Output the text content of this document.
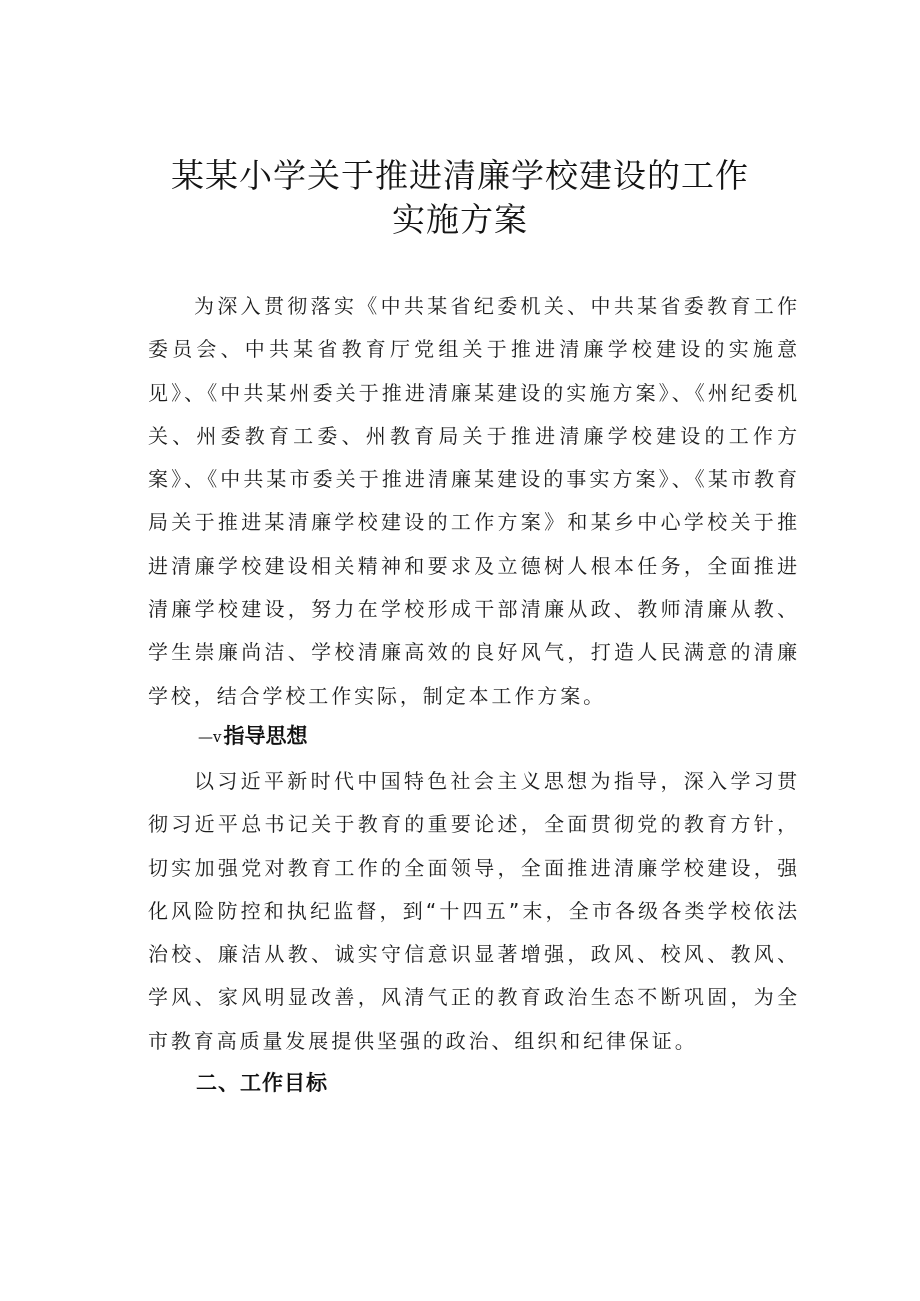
某某小学关于推进清廉学校建设的工作
实施方案
为深入贯彻落实《中共某省纪委机关、中共某省委教育工作委员会、中共某省教育厅党组关于推进清廉学校建设的实施意见》、《中共某州委关于推进清廉某建设的实施方案》、《州纪委机关、州委教育工委、州教育局关于推进清廉学校建设的工作方案》、《中共某市委关于推进清廉某建设的事实方案》、《某市教育局关于推进某清廉学校建设的工作方案》和某乡中心学校关于推进清廉学校建设相关精神和要求及立德树人根本任务，全面推进清廉学校建设，努力在学校形成干部清廉从政、教师清廉从教、学生崇廉尚洁、学校清廉高效的良好风气，打造人民满意的清廉学校，结合学校工作实际，制定本工作方案。
—v指导思想
以习近平新时代中国特色社会主义思想为指导，深入学习贯彻习近平总书记关于教育的重要论述，全面贯彻党的教育方针，切实加强党对教育工作的全面领导，全面推进清廉学校建设，强化风险防控和执纪监督，到“十四五”末，全市各级各类学校依法治校、廉洁从教、诚实守信意识显著增强，政风、校风、教风、学风、家风明显改善，风清气正的教育政治生态不断巩固，为全市教育高质量发展提供坚强的政治、组织和纪律保证。
二、工作目标
